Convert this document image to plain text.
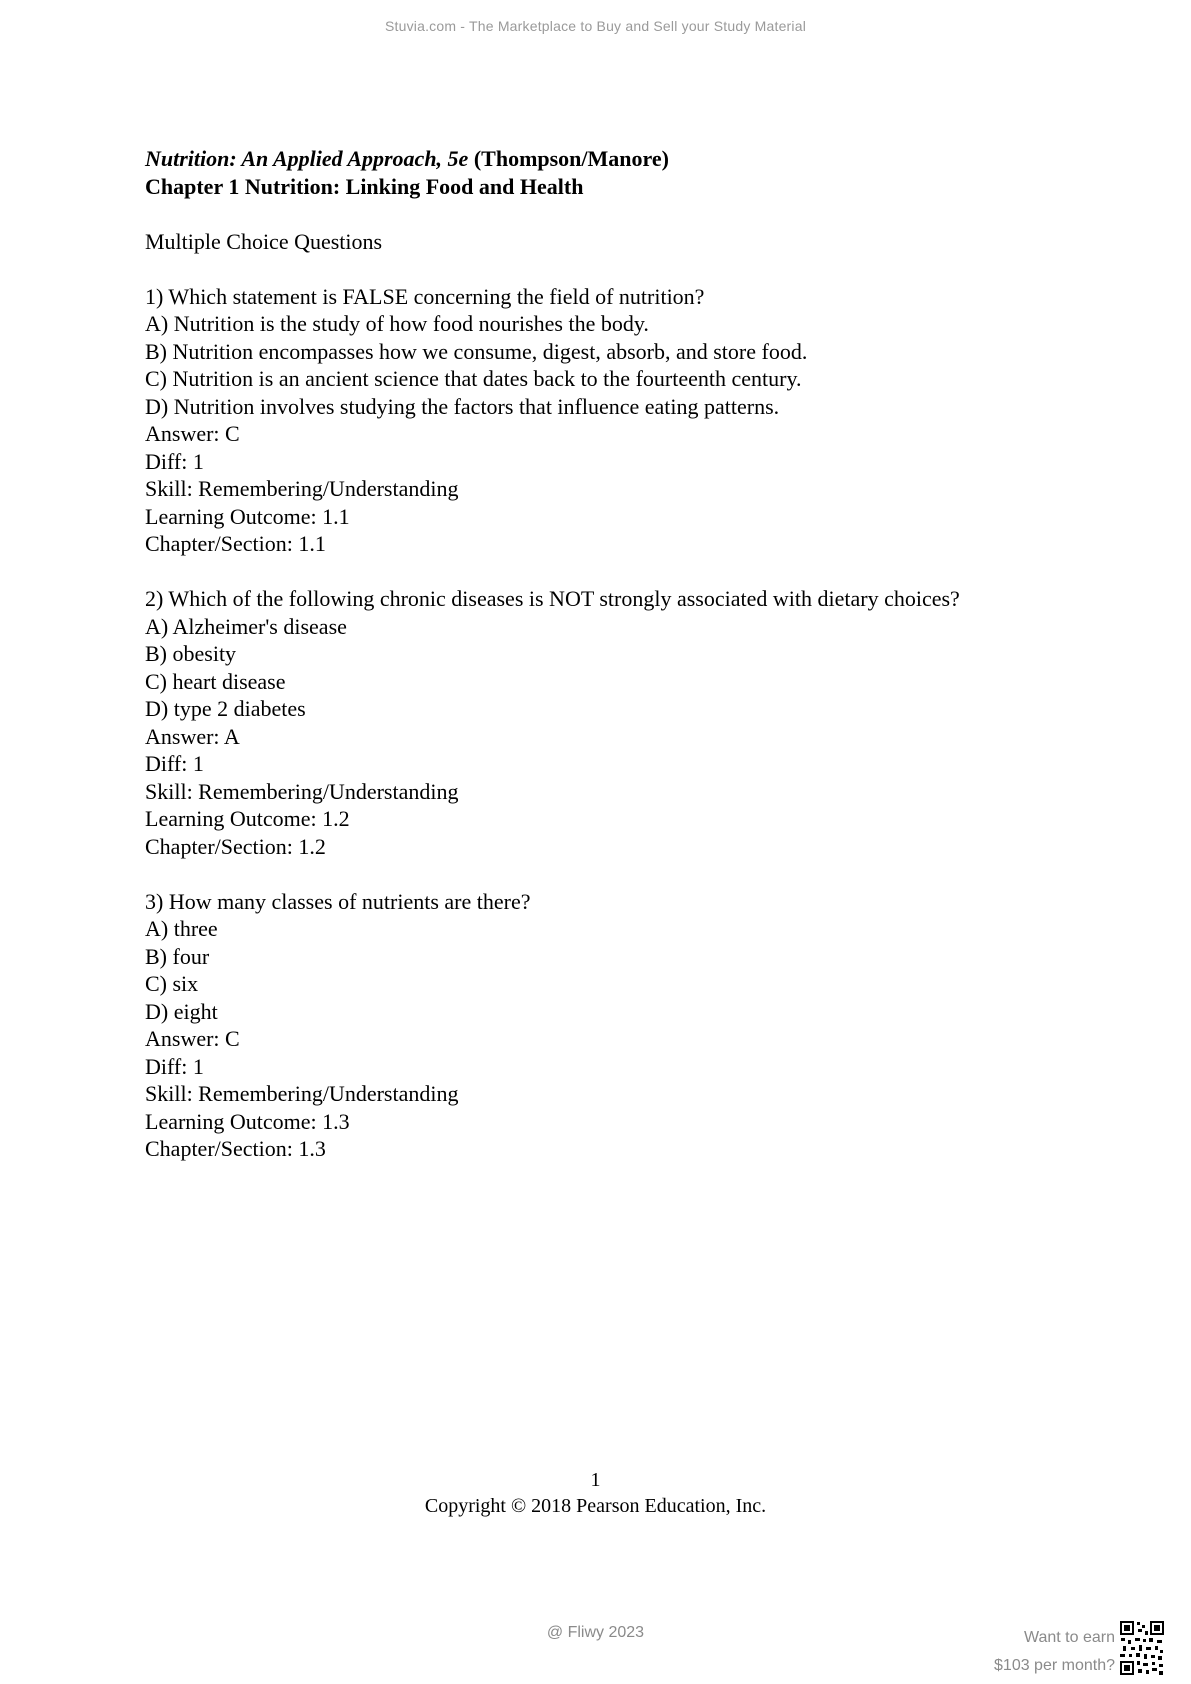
Stuvia.com - The Marketplace to Buy and Sell your Study Material
Nutrition: An Applied Approach, 5e (Thompson/Manore)
Chapter 1 Nutrition: Linking Food and Health
Multiple Choice Questions
1) Which statement is FALSE concerning the field of nutrition?
A) Nutrition is the study of how food nourishes the body.
B) Nutrition encompasses how we consume, digest, absorb, and store food.
C) Nutrition is an ancient science that dates back to the fourteenth century.
D) Nutrition involves studying the factors that influence eating patterns.
Answer: C
Diff: 1
Skill: Remembering/Understanding
Learning Outcome: 1.1
Chapter/Section: 1.1
2) Which of the following chronic diseases is NOT strongly associated with dietary choices?
A) Alzheimer's disease
B) obesity
C) heart disease
D) type 2 diabetes
Answer: A
Diff: 1
Skill: Remembering/Understanding
Learning Outcome: 1.2
Chapter/Section: 1.2
3) How many classes of nutrients are there?
A) three
B) four
C) six
D) eight
Answer: C
Diff: 1
Skill: Remembering/Understanding
Learning Outcome: 1.3
Chapter/Section: 1.3
1
Copyright © 2018 Pearson Education, Inc.
@ Fliwy 2023	Want to earn
$103 per month?
